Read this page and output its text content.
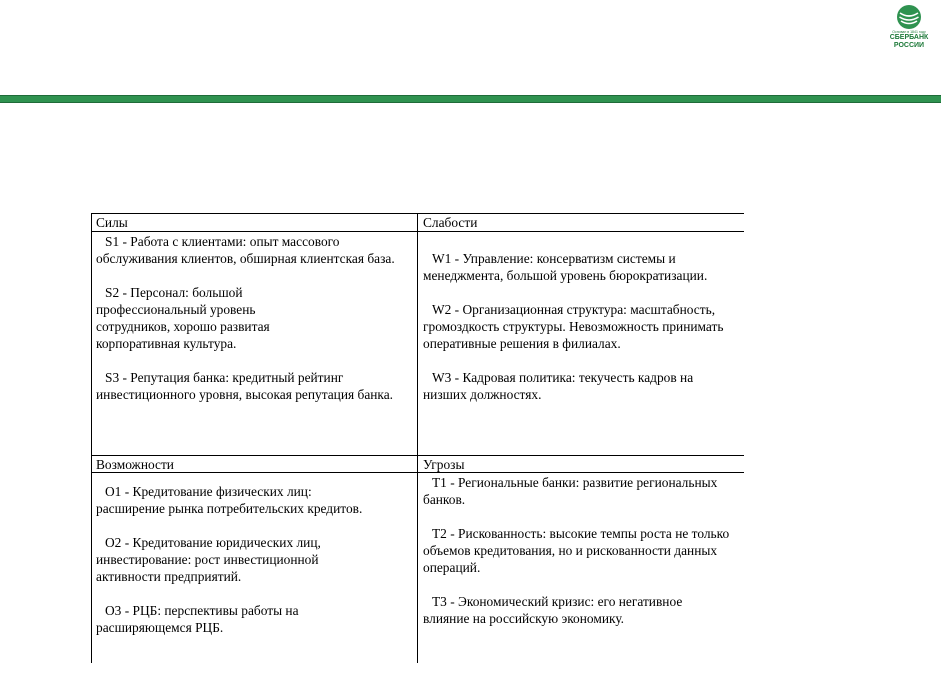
Основан в 1841 году
СБЕРБАНК
РОССИИ
Силы	Слабости
Возможности	Угрозы

S1 - Работа с клиентами: опыт массового обслуживания клиентов, обширная клиентская база.

S2 - Персонал: большой профессиональный уровень сотрудников, хорошо развитая корпоративная культура.

S3 - Репутация банка: кредитный рейтинг инвестиционного уровня, высокая репутация банка.

W1 - Управление: консерватизм системы и менеджмента, большой уровень бюрократизации.

W2 - Организационная структура: масштабность, громоздкость структуры. Невозможность принимать оперативные решения в филиалах.

W3 - Кадровая политика: текучесть кадров на низших должностях.

O1 - Кредитование физических лиц: расширение рынка потребительских кредитов.

O2 - Кредитование юридических лиц, инвестирование: рост инвестиционной активности предприятий.

O3 - РЦБ: перспективы работы на расширяющемся РЦБ.

T1 - Региональные банки: развитие региональных банков.

T2 - Рискованность: высокие темпы роста не только объемов кредитования, но и рискованности данных операций.

T3 - Экономический кризис: его негативное влияние на российскую экономику.
